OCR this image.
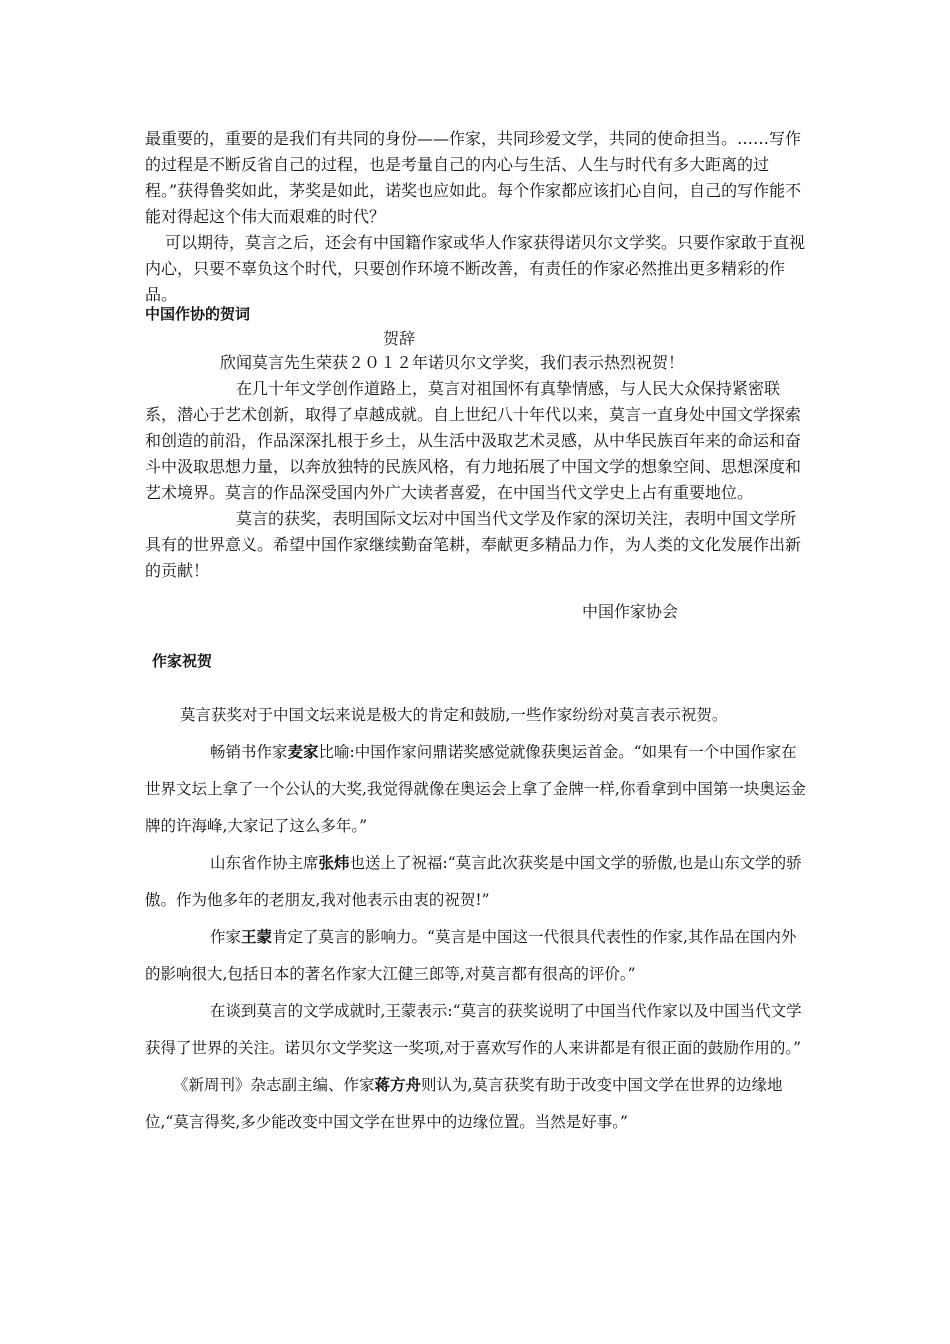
最重要的，重要的是我们有共同的身份——作家，共同珍爱文学，共同的使命担当。……写作的过程是不断反省自己的过程，也是考量自己的内心与生活、人生与时代有多大距离的过程。”获得鲁奖如此，茅奖是如此，诺奖也应如此。每个作家都应该扪心自问，自己的写作能不能对得起这个伟大而艰难的时代？

可以期待，莫言之后，还会有中国籍作家或华人作家获得诺贝尔文学奖。只要作家敢于直视内心，只要不辜负这个时代，只要创作环境不断改善，有责任的作家必然推出更多精彩的作品。

中国作协的贺词
贺辞

欣闻莫言先生荣获２０１２年诺贝尔文学奖，我们表示热烈祝贺！

在几十年文学创作道路上，莫言对祖国怀有真挚情感，与人民大众保持紧密联系，潜心于艺术创新，取得了卓越成就。自上世纪八十年代以来，莫言一直身处中国文学探索和创造的前沿，作品深深扎根于乡土，从生活中汲取艺术灵感，从中华民族百年来的命运和奋斗中汲取思想力量，以奔放独特的民族风格，有力地拓展了中国文学的想象空间、思想深度和艺术境界。莫言的作品深受国内外广大读者喜爱，在中国当代文学史上占有重要地位。

莫言的获奖，表明国际文坛对中国当代文学及作家的深切关注，表明中国文学所具有的世界意义。希望中国作家继续勤奋笔耕，奉献更多精品力作，为人类的文化发展作出新的贡献！

中国作家协会
作家祝贺

莫言获奖对于中国文坛来说是极大的肯定和鼓励,一些作家纷纷对莫言表示祝贺。

畅销书作家麦家比喻:中国作家问鼎诺奖感觉就像获奥运首金。“如果有一个中国作家在世界文坛上拿了一个公认的大奖,我觉得就像在奥运会上拿了金牌一样,你看拿到中国第一块奥运金牌的许海峰,大家记了这么多年。”

山东省作协主席张炜也送上了祝福:“莫言此次获奖是中国文学的骄傲,也是山东文学的骄傲。作为他多年的老朋友,我对他表示由衷的祝贺!”

作家王蒙肯定了莫言的影响力。“莫言是中国这一代很具代表性的作家,其作品在国内外的影响很大,包括日本的著名作家大江健三郎等,对莫言都有很高的评价。”

在谈到莫言的文学成就时,王蒙表示:“莫言的获奖说明了中国当代作家以及中国当代文学获得了世界的关注。诺贝尔文学奖这一奖项,对于喜欢写作的人来讲都是有很正面的鼓励作用的。”

《新周刊》杂志副主编、作家蒋方舟则认为,莫言获奖有助于改变中国文学在世界的边缘地位,“莫言得奖,多少能改变中国文学在世界中的边缘位置。当然是好事。”
